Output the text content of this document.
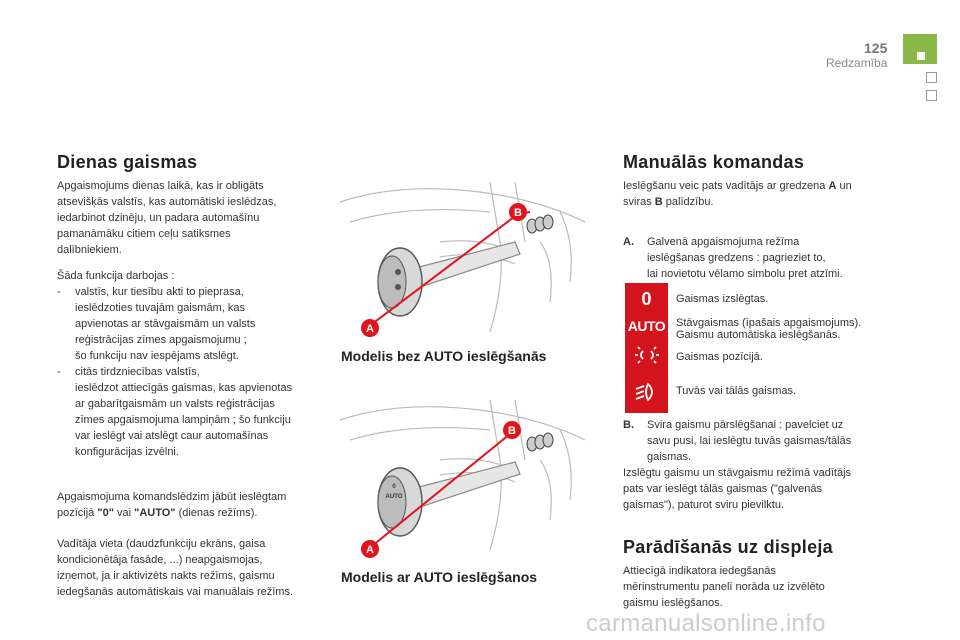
125
Redzamība
Dienas gaismas

Apgaismojums dienas laikā, kas ir obligāts

atsevišķās valstīs, kas automātiski ieslēdzas,

iedarbinot dzinēju, un padara automašīnu

pamanāmāku citiem ceļu satiksmes

dalībniekiem.

Šāda funkcija darbojas :

- valstīs, kur tiesību akti to pieprasa,

ieslēdzoties tuvajām gaismām, kas

apvienotas ar stāvgaismām un valsts

reģistrācijas zīmes apgaismojumu ;

šo funkciju nav iespējams atslēgt.

- citās tirdzniecības valstīs,

ieslēdzot attiecīgās gaismas, kas apvienotas

ar gabarītgaismām un valsts reģistrācijas

zīmes apgaismojuma lampiņām ; šo funkciju

var ieslēgt vai atslēgt caur automašīnas

konfigurācijas izvēlni.

Apgaismojuma komandslēdzim jābūt ieslēgtam

pozīcijā "0" vai "AUTO" (dienas režīms).

Vadītāja vieta (daudzfunkciju ekrāns, gaisa

kondicionētāja fasāde, ...) neapgaismojas,

izņemot, ja ir aktivizēts nakts režīms, gaismu

iedegšanās automātiskais vai manuālais režīms.

B
A
Modelis bez AUTO ieslēgšanās
AUTO
0
B
A
Modelis ar AUTO ieslēgšanos
Manuālās komandas

Ieslēgšanu veic pats vadītājs ar gredzena A un

sviras B palīdzību.

A. Galvenā apgaismojuma režīma

ieslēgšanas gredzens : pagrieziet to,

lai novietotu vēlamo simbolu pret atzīmi.

0
AUTO
Gaismas izslēgtas.

Stāvgaismas (īpašais apgaismojums).

Gaismu automātiska ieslēgšanās.

Gaismas pozīcijā.
Tuvās vai tālās gaismas.
B. Svira gaismu pārslēgšanai : pavelciet uz

savu pusi, lai ieslēgtu tuvās gaismas/tālās

gaismas.

Izslēgtu gaismu un stāvgaismu režīmā vadītājs

pats var ieslēgt tālās gaismas ("galvenās

gaismas"), paturot sviru pievilktu.

Parādīšanās uz displeja

Attiecīgā indikatora iedegšanās

mērinstrumentu panelī norāda uz izvēlēto

gaismu ieslēgšanos.

carmanualsonline.info
